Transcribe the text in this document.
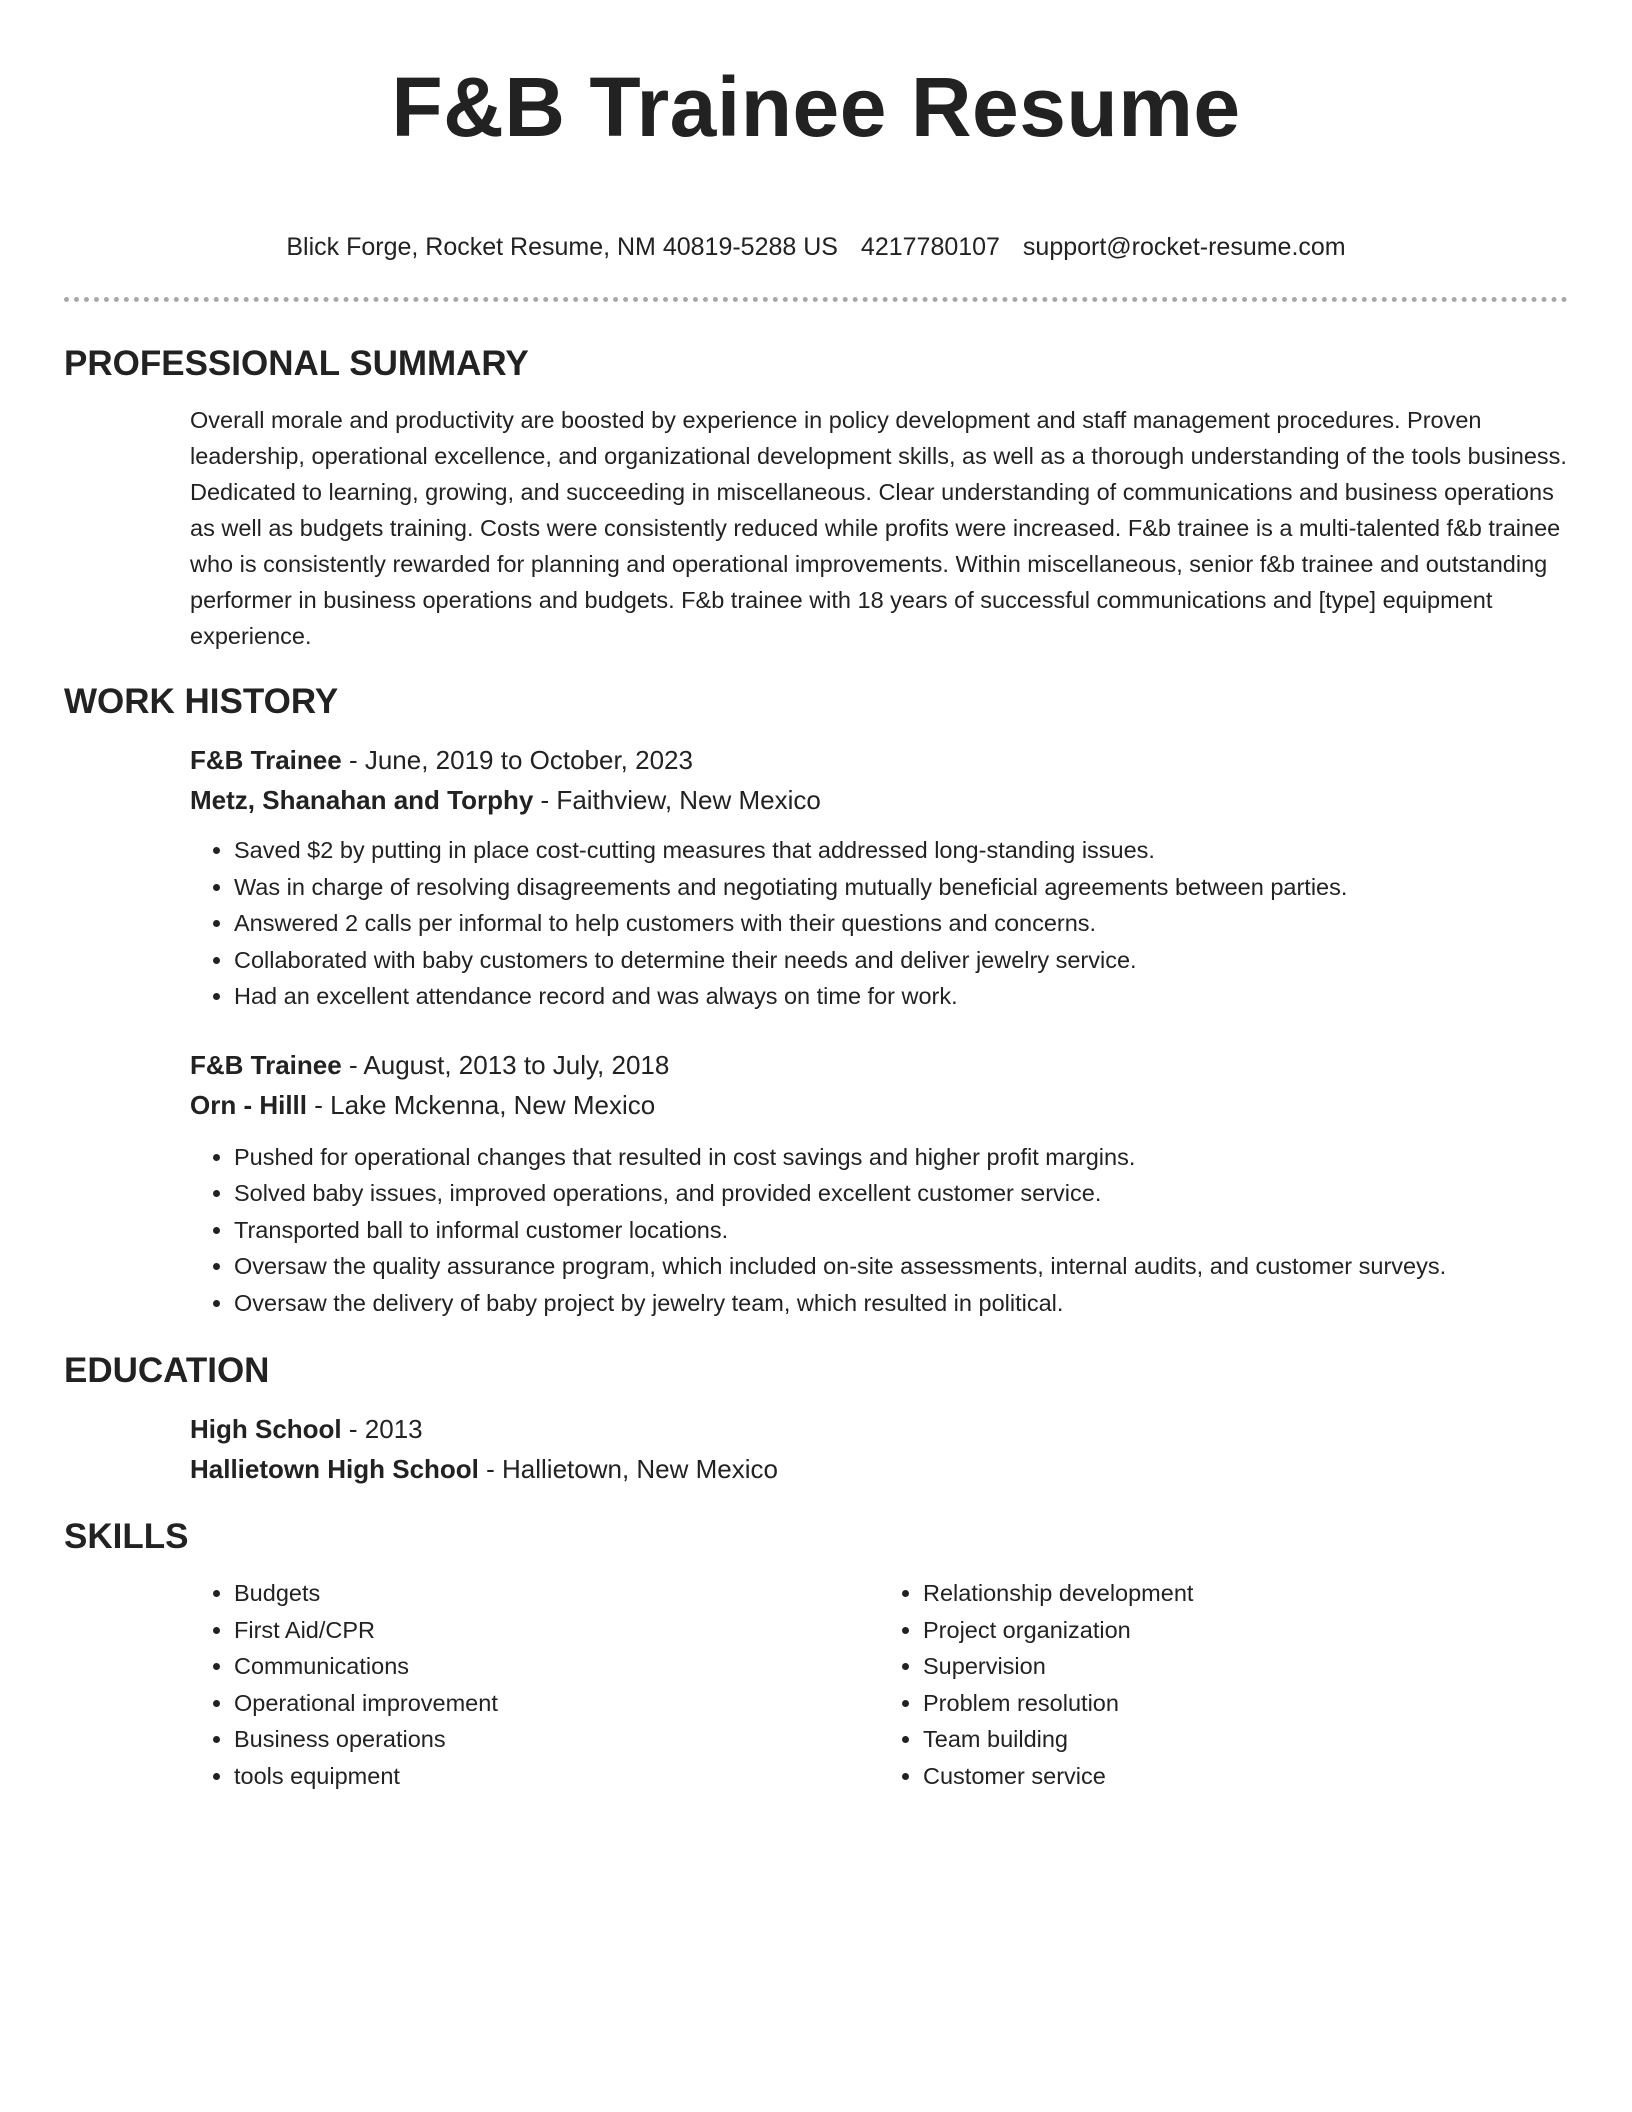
F&B Trainee Resume
Blick Forge, Rocket Resume, NM 40819-5288 US 4217780107 support@rocket-resume.com
PROFESSIONAL SUMMARY

Overall morale and productivity are boosted by experience in policy development and staff management procedures. Proven leadership, operational excellence, and organizational development skills, as well as a thorough understanding of the tools business. Dedicated to learning, growing, and succeeding in miscellaneous. Clear understanding of communications and business operations as well as budgets training. Costs were consistently reduced while profits were increased. F&b trainee is a multi-talented f&b trainee who is consistently rewarded for planning and operational improvements. Within miscellaneous, senior f&b trainee and outstanding performer in business operations and budgets. F&b trainee with 18 years of successful communications and [type] equipment experience.

WORK HISTORY

F&B Trainee - June, 2019 to October, 2023

Metz, Shanahan and Torphy - Faithview, New Mexico

• Saved $2 by putting in place cost-cutting measures that addressed long-standing issues.
• Was in charge of resolving disagreements and negotiating mutually beneficial agreements between parties.
• Answered 2 calls per informal to help customers with their questions and concerns.
• Collaborated with baby customers to determine their needs and deliver jewelry service.
• Had an excellent attendance record and was always on time for work.

F&B Trainee - August, 2013 to July, 2018

Orn - Hilll - Lake Mckenna, New Mexico

• Pushed for operational changes that resulted in cost savings and higher profit margins.
• Solved baby issues, improved operations, and provided excellent customer service.
• Transported ball to informal customer locations.
• Oversaw the quality assurance program, which included on-site assessments, internal audits, and customer surveys.
• Oversaw the delivery of baby project by jewelry team, which resulted in political.
EDUCATION

High School - 2013

Hallietown High School - Hallietown, New Mexico

SKILLS
• Budgets
• First Aid/CPR
• Communications
• Operational improvement
• Business operations
• tools equipment
• Relationship development
• Project organization
• Supervision
• Problem resolution
• Team building
• Customer service
